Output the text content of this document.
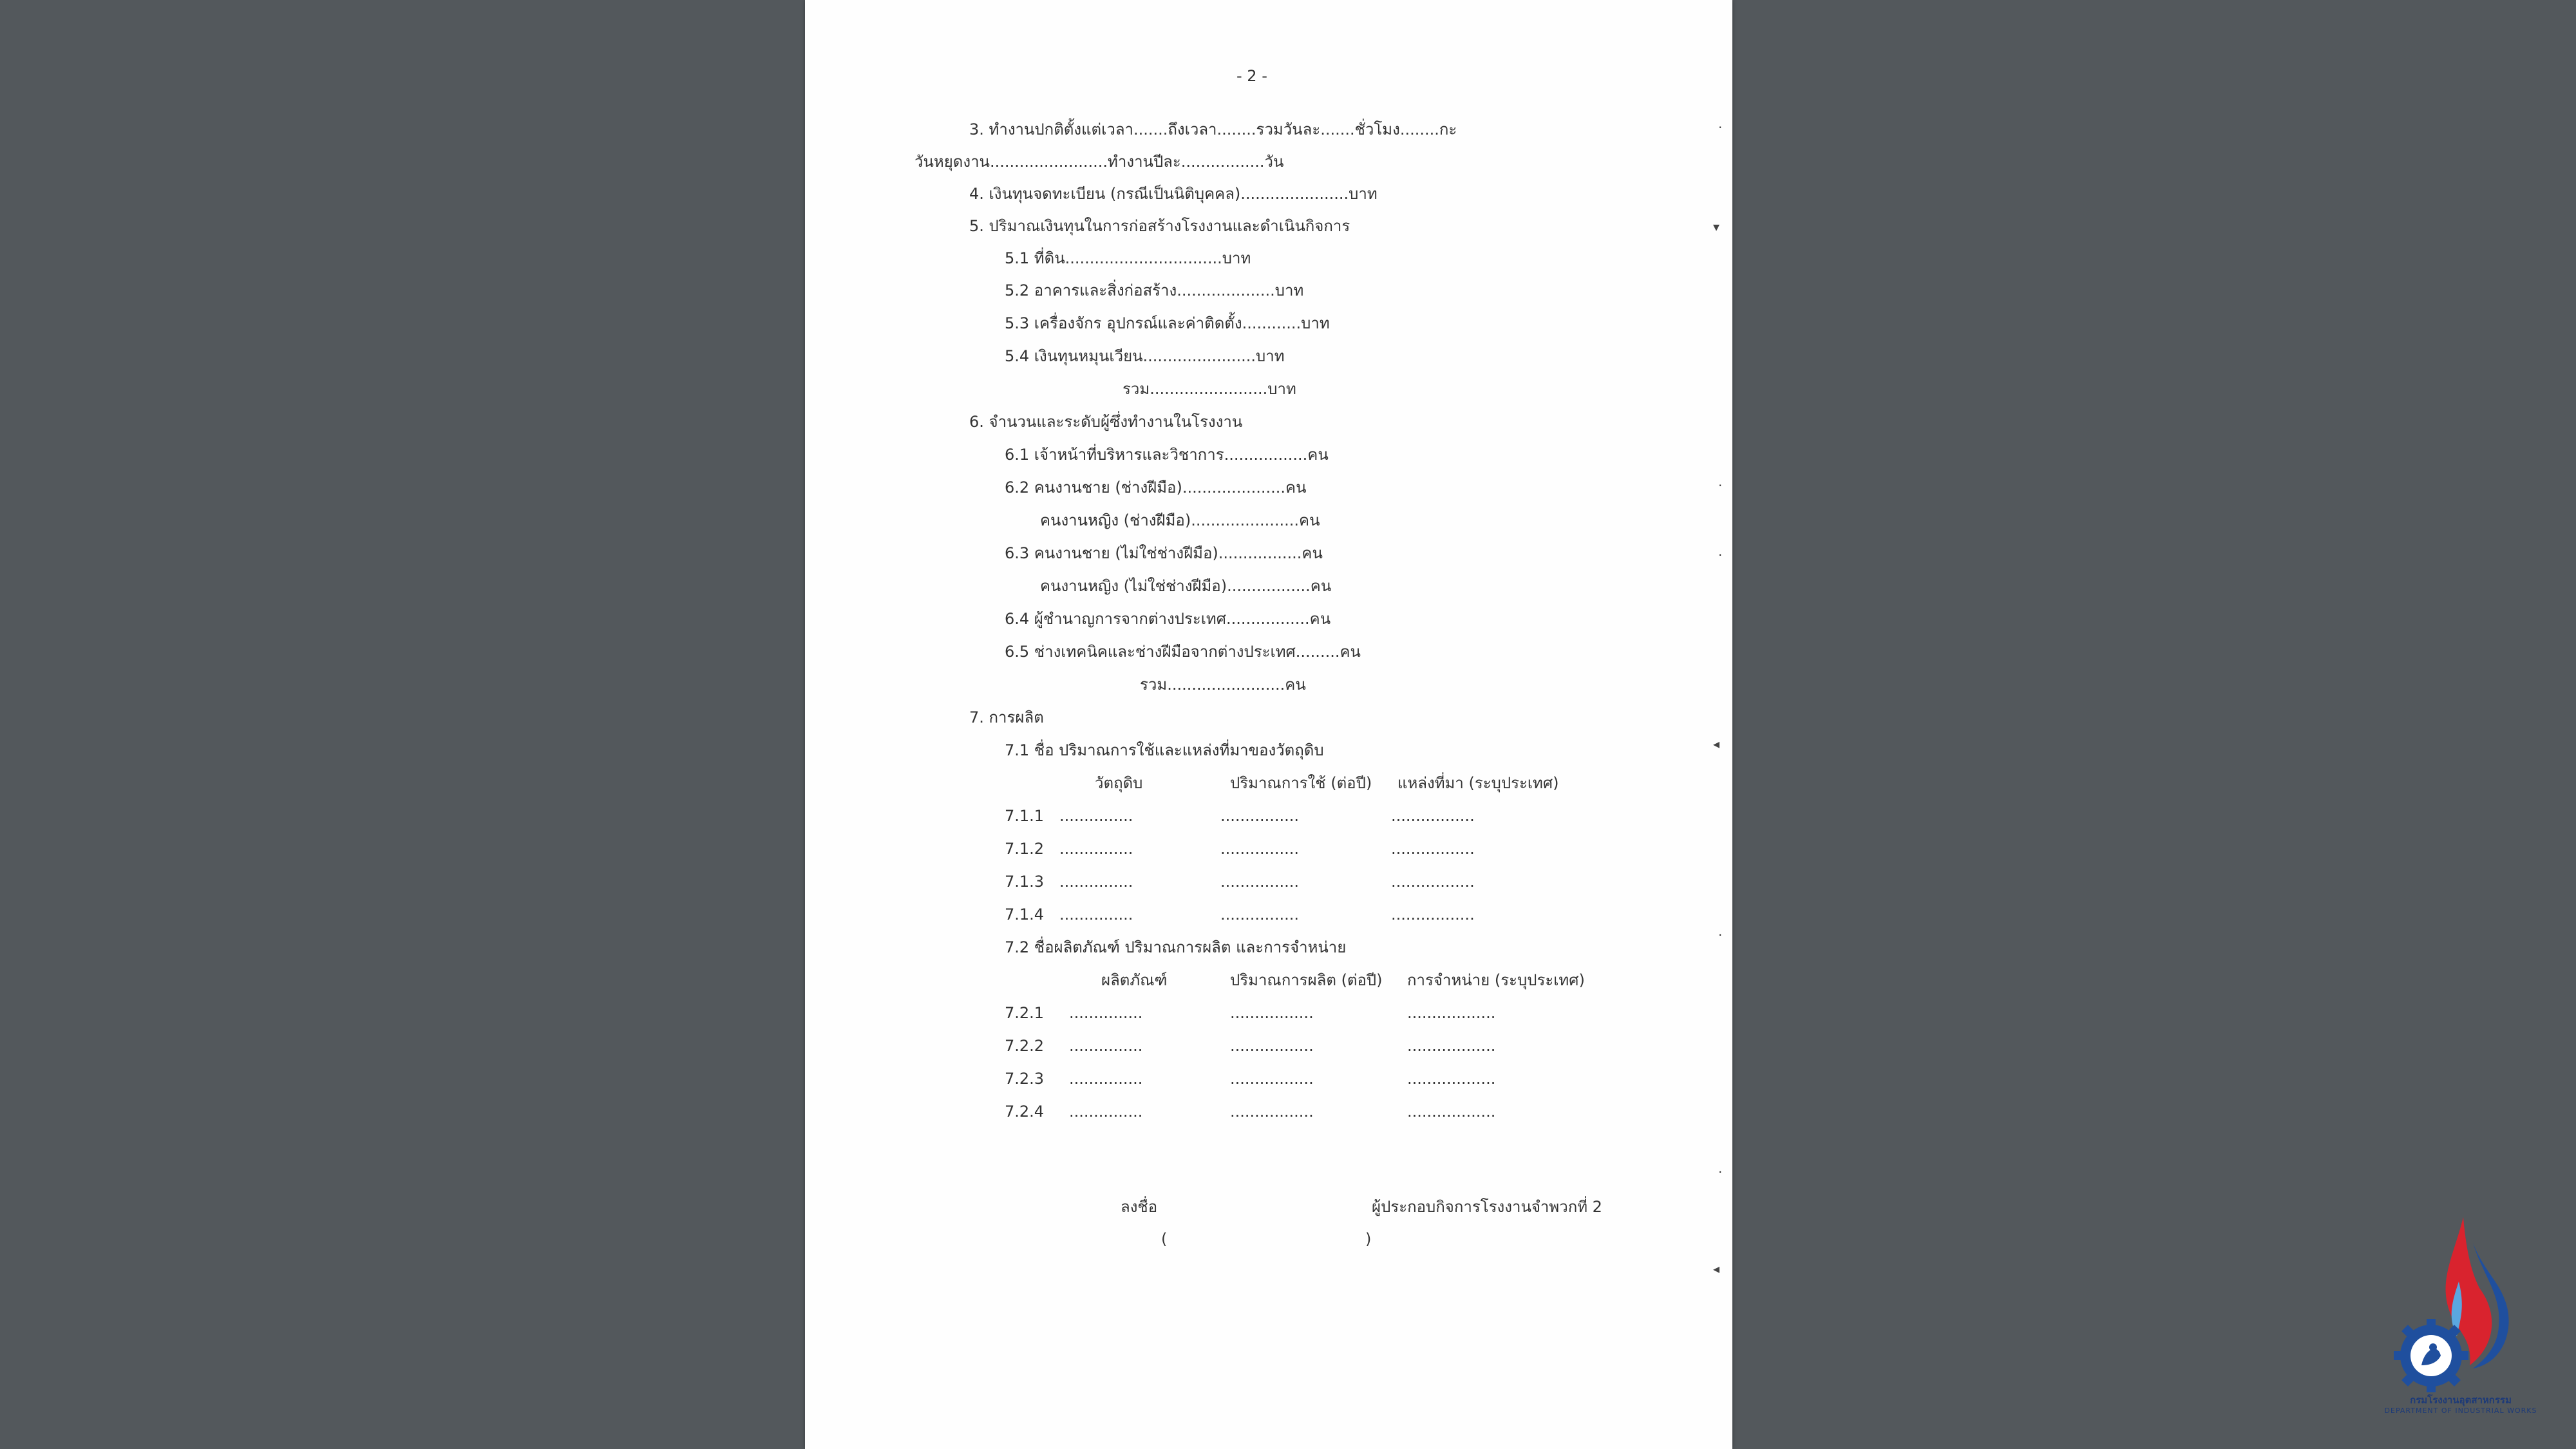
- 2 -
3. ทำงานปกติตั้งแต่เวลา.......ถึงเวลา........รวมวันละ.......ชั่วโมง........กะ
วันหยุดงาน........................ทำงานปีละ.................วัน
4. เงินทุนจดทะเบียน (กรณีเป็นนิติบุคคล)......................บาท
5. ปริมาณเงินทุนในการก่อสร้างโรงงานและดำเนินกิจการ
5.1 ที่ดิน................................บาท
5.2 อาคารและสิ่งก่อสร้าง....................บาท
5.3 เครื่องจักร อุปกรณ์และค่าติดตั้ง............บาท
5.4 เงินทุนหมุนเวียน.......................บาท
รวม........................บาท
6. จำนวนและระดับผู้ซึ่งทำงานในโรงงาน
6.1 เจ้าหน้าที่บริหารและวิชาการ.................คน
6.2 คนงานชาย (ช่างฝีมือ).....................คน
คนงานหญิง (ช่างฝีมือ)......................คน
6.3 คนงานชาย (ไม่ใช่ช่างฝีมือ).................คน
คนงานหญิง (ไม่ใช่ช่างฝีมือ).................คน
6.4 ผู้ชำนาญการจากต่างประเทศ.................คน
6.5 ช่างเทคนิคและช่างฝีมือจากต่างประเทศ.........คน
รวม........................คน
7. การผลิต
7.1 ชื่อ ปริมาณการใช้และแหล่งที่มาของวัตถุดิบ
วัตถุดิบ	ปริมาณการใช้ (ต่อปี) แหล่งที่มา (ระบุประเทศ)
7.1.1 ...............	................	.................
7.1.2 ...............	................	.................
7.1.3 ...............	................	.................
7.1.4 ...............	................	.................
7.2 ชื่อผลิตภัณฑ์ ปริมาณการผลิต และการจำหน่าย
ผลิตภัณฑ์	ปริมาณการผลิต (ต่อปี) การจำหน่าย (ระบุประเทศ)
7.2.1 ...............	.................	..................
7.2.2 ...............	.................	..................
7.2.3 ...............	.................	..................
7.2.4 ...............	.................	..................
ลงชื่อ	ผู้ประกอบกิจการโรงงานจำพวกที่ 2
(	)
·
▾
·
·
◂
·
·
◂
กรมโรงงานอุตสาหกรรม
DEPARTMENT OF INDUSTRIAL WORKS
